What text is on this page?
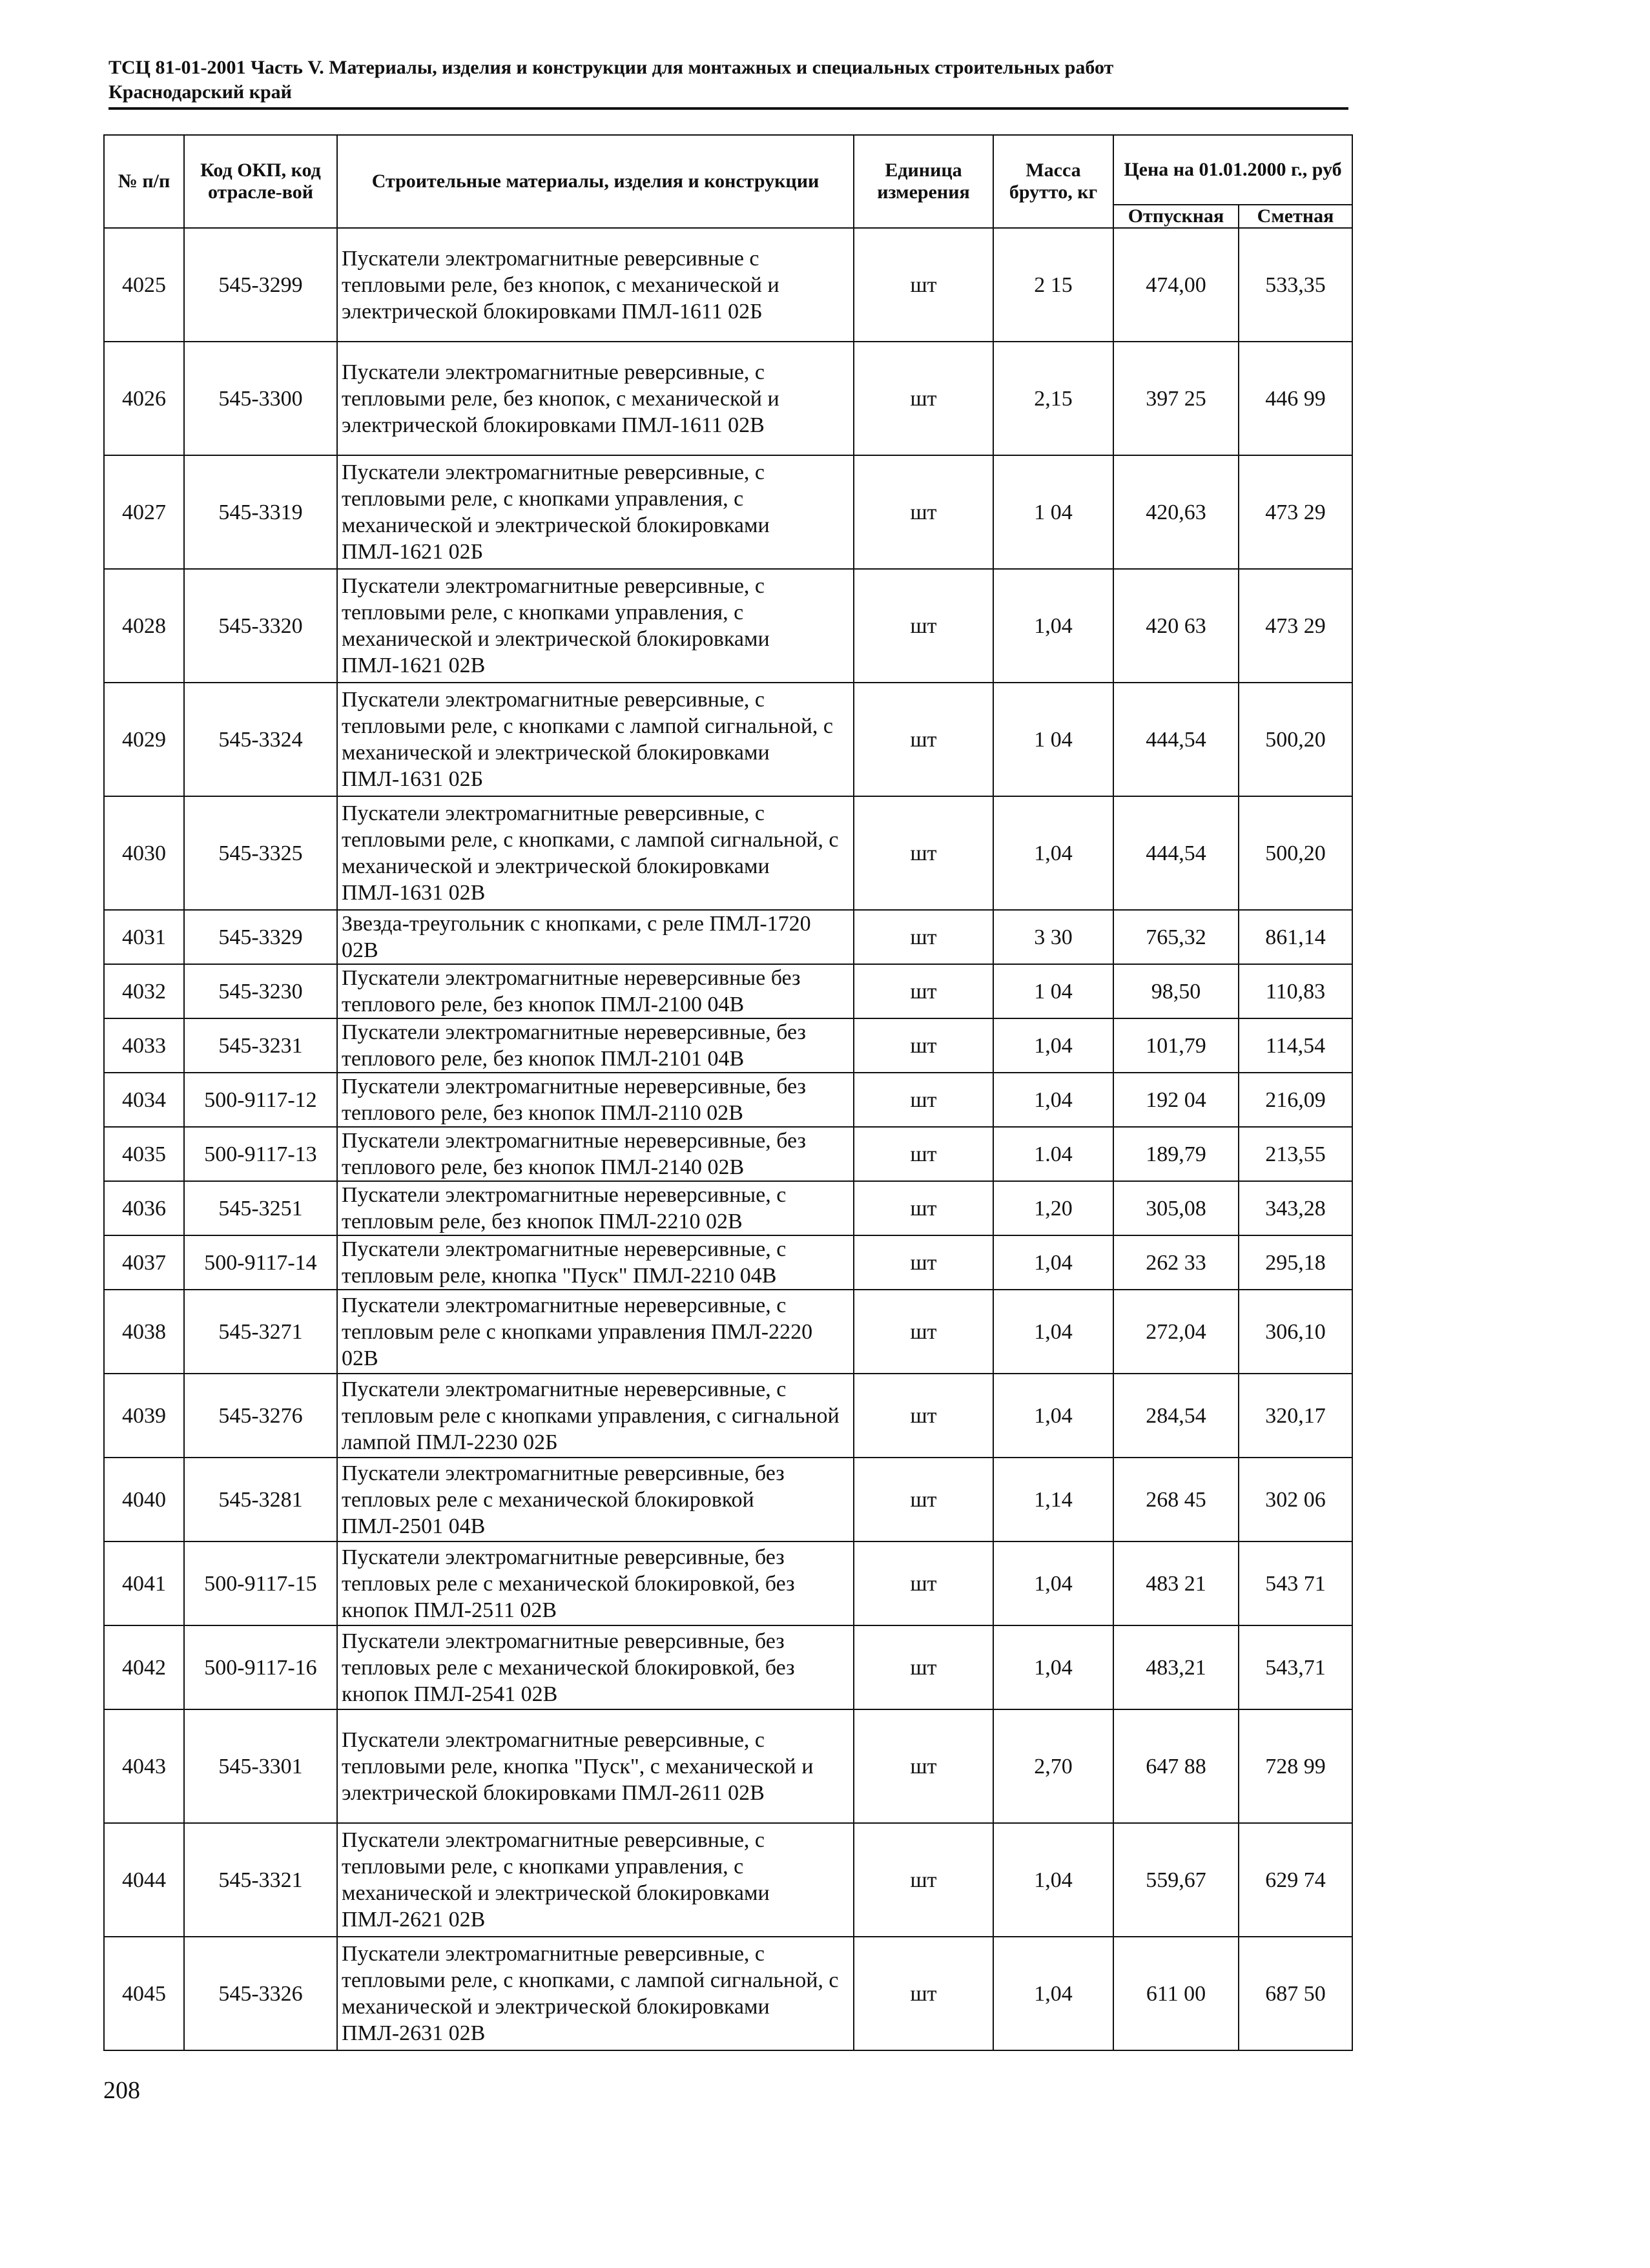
ТСЦ 81-01-2001 Часть V. Материалы, изделия и конструкции для монтажных и специальных строительных работ
Краснодарский край
№ п/п	Код ОКП, код отрасле-вой	Строительные материалы, изделия и конструкции	Единица измерения	Масса брутто, кг	Цена на 01.01.2000 г., руб	
					Отпускная	Сметная
4025	545-3299	Пускатели электромагнитные реверсивные с тепловыми реле, без кнопок, с механической и электрической блокировками ПМЛ-1611 02Б	шт	2 15	474,00	533,35
4026	545-3300	Пускатели электромагнитные реверсивные, с тепловыми реле, без кнопок, с механической и электрической блокировками ПМЛ-1611 02В	шт	2,15	397 25	446 99
4027	545-3319	Пускатели электромагнитные реверсивные, с тепловыми реле, с кнопками управления, с механической и электрической блокировками ПМЛ-1621 02Б	шт	1 04	420,63	473 29
4028	545-3320	Пускатели электромагнитные реверсивные, с тепловыми реле, с кнопками управления, с механической и электрической блокировками ПМЛ-1621 02В	шт	1,04	420 63	473 29
4029	545-3324	Пускатели электромагнитные реверсивные, с тепловыми реле, с кнопками с лампой сигнальной, с механической и электрической блокировками ПМЛ-1631 02Б	шт	1 04	444,54	500,20
4030	545-3325	Пускатели электромагнитные реверсивные, с тепловыми реле, с кнопками, с лампой сигнальной, с механической и электрической блокировками ПМЛ-1631 02В	шт	1,04	444,54	500,20
4031	545-3329	Звезда-треугольник с кнопками, с реле ПМЛ-1720 02В	шт	3 30	765,32	861,14
4032	545-3230	Пускатели электромагнитные нереверсивные без теплового реле, без кнопок ПМЛ-2100 04В	шт	1 04	98,50	110,83
4033	545-3231	Пускатели электромагнитные нереверсивные, без теплового реле, без кнопок ПМЛ-2101 04В	шт	1,04	101,79	114,54
4034	500-9117-12	Пускатели электромагнитные нереверсивные, без теплового реле, без кнопок ПМЛ-2110 02В	шт	1,04	192 04	216,09
4035	500-9117-13	Пускатели электромагнитные нереверсивные, без теплового реле, без кнопок ПМЛ-2140 02В	шт	1.04	189,79	213,55
4036	545-3251	Пускатели электромагнитные нереверсивные, с тепловым реле, без кнопок ПМЛ-2210 02В	шт	1,20	305,08	343,28
4037	500-9117-14	Пускатели электромагнитные нереверсивные, с тепловым реле, кнопка "Пуск" ПМЛ-2210 04В	шт	1,04	262 33	295,18
4038	545-3271	Пускатели электромагнитные нереверсивные, с тепловым реле с кнопками управления ПМЛ-2220 02В	шт	1,04	272,04	306,10
4039	545-3276	Пускатели электромагнитные нереверсивные, с тепловым реле с кнопками управления, с сигнальной лампой ПМЛ-2230 02Б	шт	1,04	284,54	320,17
4040	545-3281	Пускатели электромагнитные реверсивные, без тепловых реле с механической блокировкой ПМЛ-2501 04В	шт	1,14	268 45	302 06
4041	500-9117-15	Пускатели электромагнитные реверсивные, без тепловых реле с механической блокировкой, без кнопок ПМЛ-2511 02В	шт	1,04	483 21	543 71
4042	500-9117-16	Пускатели электромагнитные реверсивные, без тепловых реле с механической блокировкой, без кнопок ПМЛ-2541 02В	шт	1,04	483,21	543,71
4043	545-3301	Пускатели электромагнитные реверсивные, с тепловыми реле, кнопка "Пуск", с механической и электрической блокировками ПМЛ-2611 02В	шт	2,70	647 88	728 99
4044	545-3321	Пускатели электромагнитные реверсивные, с тепловыми реле, с кнопками управления, с механической и электрической блокировками ПМЛ-2621 02В	шт	1,04	559,67	629 74
4045	545-3326	Пускатели электромагнитные реверсивные, с тепловыми реле, с кнопками, с лампой сигнальной, с механической и электрической блокировками ПМЛ-2631 02В	шт	1,04	611 00	687 50
208
